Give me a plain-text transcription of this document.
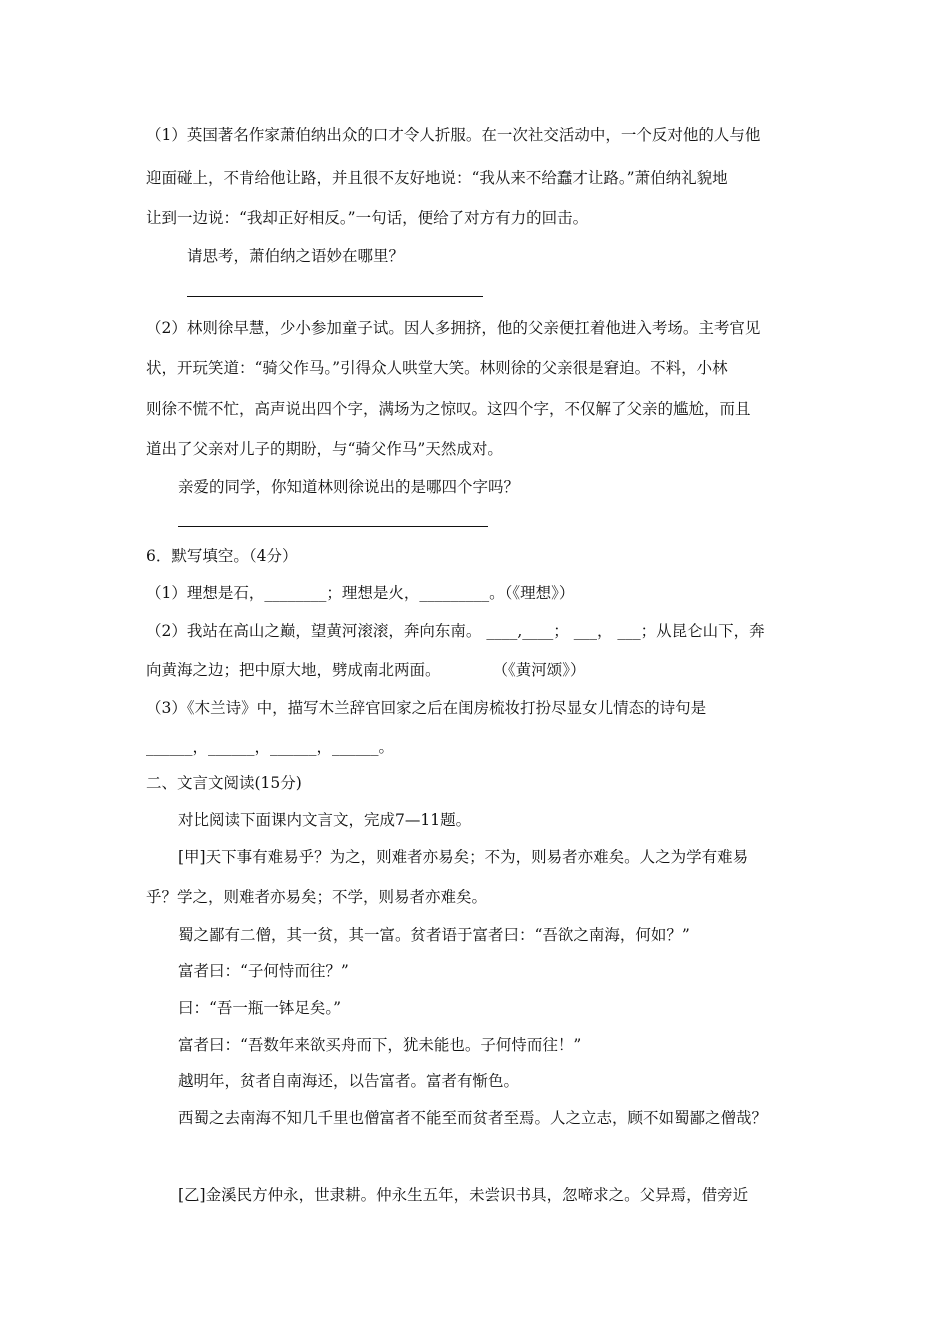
（1）英国著名作家萧伯纳出众的口才令人折服。在一次社交活动中，一个反对他的人与他
迎面碰上，不肯给他让路，并且很不友好地说：“我从来不给蠢才让路。”萧伯纳礼貌地
让到一边说：“我却正好相反。”一句话，便给了对方有力的回击。
请思考，萧伯纳之语妙在哪里？
（2）林则徐早慧，少小参加童子试。因人多拥挤，他的父亲便扛着他进入考场。主考官见
状，开玩笑道：“骑父作马。”引得众人哄堂大笑。林则徐的父亲很是窘迫。不料，小林
则徐不慌不忙，高声说出四个字，满场为之惊叹。这四个字，不仅解了父亲的尴尬，而且
道出了父亲对儿子的期盼，与“骑父作马”天然成对。
亲爱的同学，你知道林则徐说出的是哪四个字吗？
6．默写填空。（4分）
（1）理想是石，________；理想是火，_________。（《理想》）
（2）我站在高山之巅，望黄河滚滚，奔向东南。 ____,____； ___， ___；从昆仑山下，奔
向黄海之边；把中原大地，劈成南北两面。	（《黄河颂》）
（3）《木兰诗》中，描写木兰辞官回家之后在闺房梳妆打扮尽显女儿情态的诗句是
______，______，______，______。
二、文言文阅读(15分)
对比阅读下面课内文言文，完成7—11题。
[甲]天下事有难易乎？为之，则难者亦易矣；不为，则易者亦难矣。人之为学有难易
乎？学之，则难者亦易矣；不学，则易者亦难矣。
蜀之鄙有二僧，其一贫，其一富。贫者语于富者曰：“吾欲之南海，何如？”
富者曰：“子何恃而往？”
曰：“吾一瓶一钵足矣。”
富者曰：“吾数年来欲买舟而下，犹未能也。子何恃而往！”
越明年，贫者自南海还，以告富者。富者有惭色。
西蜀之去南海不知几千里也僧富者不能至而贫者至焉。人之立志，顾不如蜀鄙之僧哉？
[乙]金溪民方仲永，世隶耕。仲永生五年，未尝识书具，忽啼求之。父异焉，借旁近
